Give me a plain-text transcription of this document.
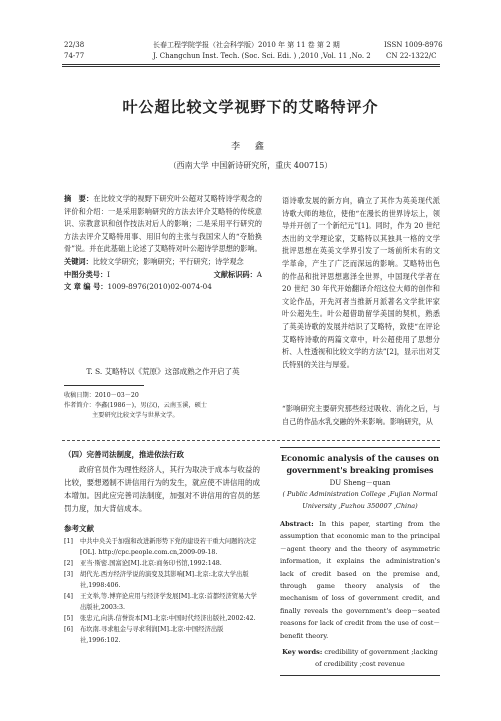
22/38
74-77
长春工程学院学报（社会科学版）2010 年 第 11 卷 第 2 期
J. Changchun Inst. Tech. (Soc. Sci. Edi. ) ,2010 ,Vol. 11 ,No. 2
ISSN 1009-8976
CN 22-1322/C
叶公超比较文学视野下的艾略特评介
李 鑫
（西南大学 中国新诗研究所，重庆 400715）

摘　要：在比较文学的视野下研究叶公超对艾略特诗学观念的评价和介绍：一是采用影响研究的方法去评介艾略特的传统意识、宗教意识和创作技法对后人的影响；二是采用平行研究的方法去评介艾略特用事、用旧句的主张与我国宋人的“夺胎换骨”说。并在此基础上论述了艾略特对叶公超诗学思想的影响。

关键词：比较文学研究；影响研究；平行研究；诗学观念

中图分类号：I	文献标识码：A

文 章 编 号：1009-8976(2010)02-0074-04

语诗歌发展的新方向，确立了其作为英美现代派诗歌大师的地位，使他“在漫长的世界诗坛上，领导并开创了一个新纪元”[1]。同时，作为 20 世纪杰出的文学理论家，艾略特以其独具一格的文学批评思想在英美文学界引发了一场前所未有的文学革命，产生了广泛而深远的影响。艾略特出色的作品和批评思想惠泽全世界，中国现代学者在 20 世纪 30 年代开始翻译介绍这位大师的创作和文论作品，开先河者当推新月派著名文学批评家叶公超先生。叶公超借助留学美国的契机，熟悉了英美诗歌的发展并结识了艾略特，致使“在评论艾略特诗歌的两篇文章中，叶公超使用了思想分析、人性透视和比较文学的方法”[2]，显示出对艾氏特别的关注与厚爱。

T. S. 艾略特以《荒原》这部成熟之作开启了英
收稿日期：2010－03－20
作者简介：李鑫(1986－)，男(汉)，云南玉溪，硕士
主要研究比较文学与世界文学。
“影响研究主要研究那些经过吸收、消化之后，与自己的作品水乳交融的外来影响。影响研究，从
（四）完善司法制度，推进依法行政
政府官员作为理性经济人，其行为取决于成本与收益的比较，要想遏制不讲信用行为的发生，就应使不讲信用的成本增加。因此应完善司法制度，加强对不讲信用的官员的惩罚力度，加大背信成本。
参考文献
[1]	中共中央关于加强和改进新形势下党的建设若干重大问题的决定[OL]. http://cpc.people.com.cn,2009-09-18.
[2]	亚当·斯密.国富论[M].北京:商务印书馆,1992:148.
[3]	胡代光.西方经济学说的演变及其影响[M].北京:北京大学出版社,1998:406.
[4]	王文举,等.博弈论应用与经济学发展[M].北京:首都经济贸易大学出版社,2003:3.
[5]	张忠元,向洪.信誉资本[M].北京:中国时代经济出版社,2002:42.
[6]	布坎南.寻求租金与寻求利润[M].北京:中国经济出版社,1996:102.
Economic analysis of the causes on government's breaking promises
DU Sheng－quan
( Public Administration College ,Fujian Normal University ,Fuzhou 350007 ,China)
Abstract: In this paper, starting from the assumption that economic man to the principal－agent theory and the theory of asymmetric information, it explains the administration's lack of credit based on the premise and, through game theory analysis of the mechanism of loss of government credit, and finally reveals the government's deep－seated reasons for lack of credit from the use of cost－benefit theory.
Key words: credibility of government ;lacking of credibility ;cost revenue
